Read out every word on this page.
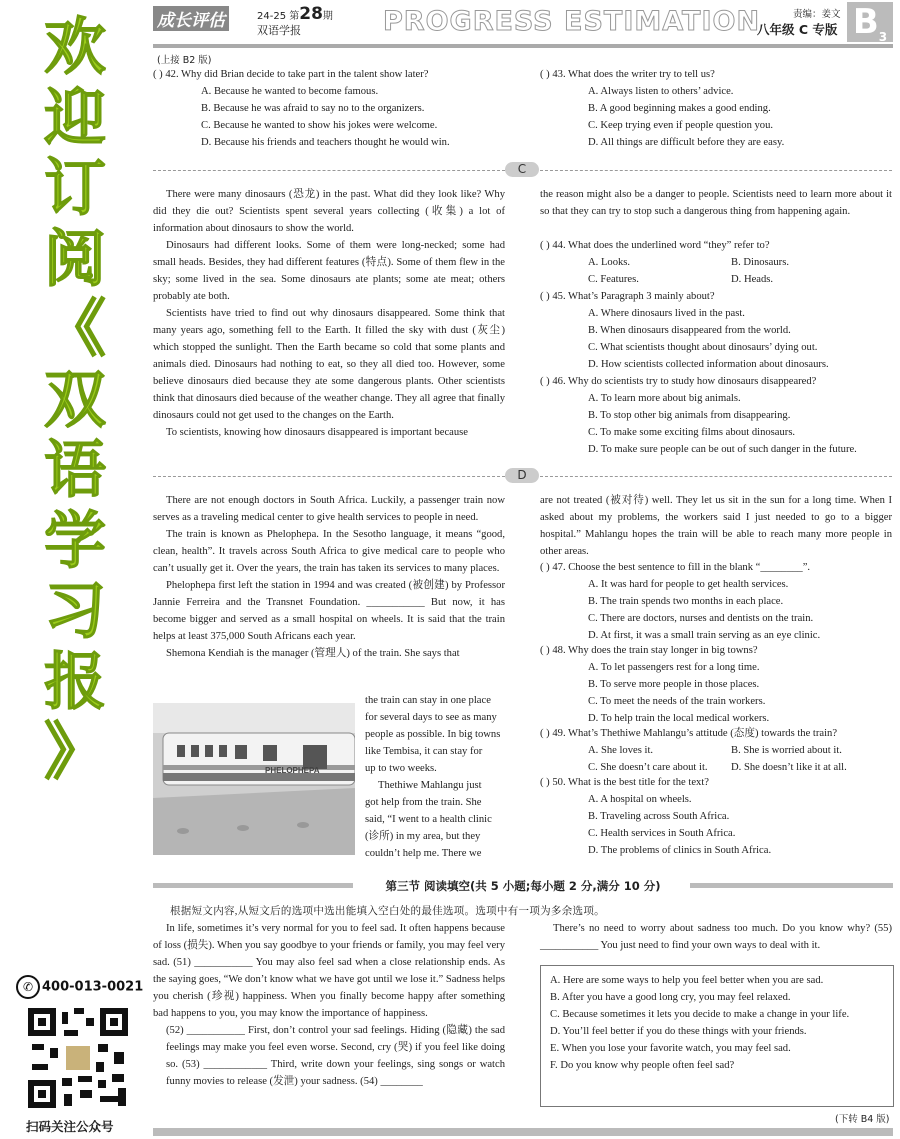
欢
迎
订
阅
《
双
语
学
习
报
》
✆ 400-013-0021
扫码关注公众号
成长评估	24-25 第28期
双语学报	PROGRESS ESTIMATION	责编：姜文
八年级 C 专版 $B_3$
(上接 B2 版)
( ) 42. Why did Brian decide to take part in the talent show later?
A. Because he wanted to become famous.
B. Because he was afraid to say no to the organizers.
C. Because he wanted to show his jokes were welcome.
D. Because his friends and teachers thought he would win.
( ) 43. What does the writer try to tell us?
A. Always listen to others’ advice.
B. A good beginning makes a good ending.
C. Keep trying even if people question you.
D. All things are difficult before they are easy.
C

There were many dinosaurs (恐龙) in the past. What did they look like? Why did they die out? Scientists spent several years collecting (收集) a lot of information about dinosaurs to show the world.

Dinosaurs had different looks. Some of them were long-necked; some had small heads. Besides, they had different features (特点). Some of them flew in the sky; some lived in the sea. Some dinosaurs ate plants; some ate meat; others probably ate both.

Scientists have tried to find out why dinosaurs disappeared. Some think that many years ago, something fell to the Earth. It filled the sky with dust (灰尘) which stopped the sunlight. Then the Earth became so cold that some plants and animals died. Dinosaurs had nothing to eat, so they all died too. However, some believe dinosaurs died because they ate some dangerous plants. Other scientists think that dinosaurs died because of the weather change. They all agree that finally dinosaurs could not get used to the changes on the Earth.

To scientists, knowing how dinosaurs disappeared is important because

the reason might also be a danger to people. Scientists need to learn more about it so that they can try to stop such a dangerous thing from happening again.

( ) 44. What does the underlined word “they” refer to?
A. Looks.	B. Dinosaurs.
C. Features.	D. Heads.
( ) 45. What’s Paragraph 3 mainly about?
A. Where dinosaurs lived in the past.
B. When dinosaurs disappeared from the world.
C. What scientists thought about dinosaurs’ dying out.
D. How scientists collected information about dinosaurs.
( ) 46. Why do scientists try to study how dinosaurs disappeared?
A. To learn more about big animals.
B. To stop other big animals from disappearing.
C. To make some exciting films about dinosaurs.
D. To make sure people can be out of such danger in the future.
D

There are not enough doctors in South Africa. Luckily, a passenger train now serves as a traveling medical center to give health services to people in need.

The train is known as Phelophepa. In the Sesotho language, it means “good, clean, health”. It travels across South Africa to give medical care to people who can’t usually get it. Over the years, the train has taken its services to many places.

Phelophepa first left the station in 1994 and was created (被创建) by Professor Jannie Ferreira and the Transnet Foundation. ___________ But now, it has become bigger and served as a small hospital on wheels. It is said that the train helps at least 375,000 South Africans each year.

Shemona Kendiah is the manager (管理人) of the train. She says that

the train can stay in one place
for several days to see as many
people as possible. In big towns
like Tembisa, it can stay for
up to two weeks.
Thethiwe Mahlangu just
got help from the train. She
said, “I went to a health clinic
(诊所) in my area, but they
couldn’t help me. There we
PHELOPHEPA

are not treated (被对待) well. They let us sit in the sun for a long time. When I asked about my problems, the workers said I just needed to go to a bigger hospital.” Mahlangu hopes the train will be able to reach many more people in other areas.

( ) 47. Choose the best sentence to fill in the blank “________”.
A. It was hard for people to get health services.
B. The train spends two months in each place.
C. There are doctors, nurses and dentists on the train.
D. At first, it was a small train serving as an eye clinic.
( ) 48. Why does the train stay longer in big towns?
A. To let passengers rest for a long time.
B. To serve more people in those places.
C. To meet the needs of the train workers.
D. To help train the local medical workers.
( ) 49. What’s Thethiwe Mahlangu’s attitude (态度) towards the train?
A. She loves it.	B. She is worried about it.
C. She doesn’t care about it. D. She doesn’t like it at all.
( ) 50. What is the best title for the text?
A. A hospital on wheels.
B. Traveling across South Africa.
C. Health services in South Africa.
D. The problems of clinics in South Africa.
第三节 阅读填空(共 5 小题;每小题 2 分,满分 10 分)
根据短文内容,从短文后的选项中选出能填入空白处的最佳选项。选项中有一项为多余选项。

In life, sometimes it’s very normal for you to feel sad. It often happens because of loss (损失). When you say goodbye to your friends or family, you may feel very sad. (51) ___________ You may also feel sad when a close relationship ends. As the saying goes, “We don’t know what we have got until we lose it.” Sadness helps you cherish (珍视) happiness. When you finally become happy after something bad happens to you, you may know the importance of happiness.

(52) ___________ First, don’t control your sad feelings. Hiding (隐藏) the sad feelings may make you feel even worse. Second, cry (哭) if you feel like doing so. (53) ____________ Third, write down your feelings, sing songs or watch funny movies to release (发泄) your sadness. (54) ________

There’s no need to worry about sadness too much. Do you know why? (55) ___________ You just need to find your own ways to deal with it.

A. Here are some ways to help you feel better when you are sad.
B. After you have a good long cry, you may feel relaxed.
C. Because sometimes it lets you decide to make a change in your life.
D. You’ll feel better if you do these things with your friends.
E. When you lose your favorite watch, you may feel sad.
F. Do you know why people often feel sad?
(下转 B4 版)
